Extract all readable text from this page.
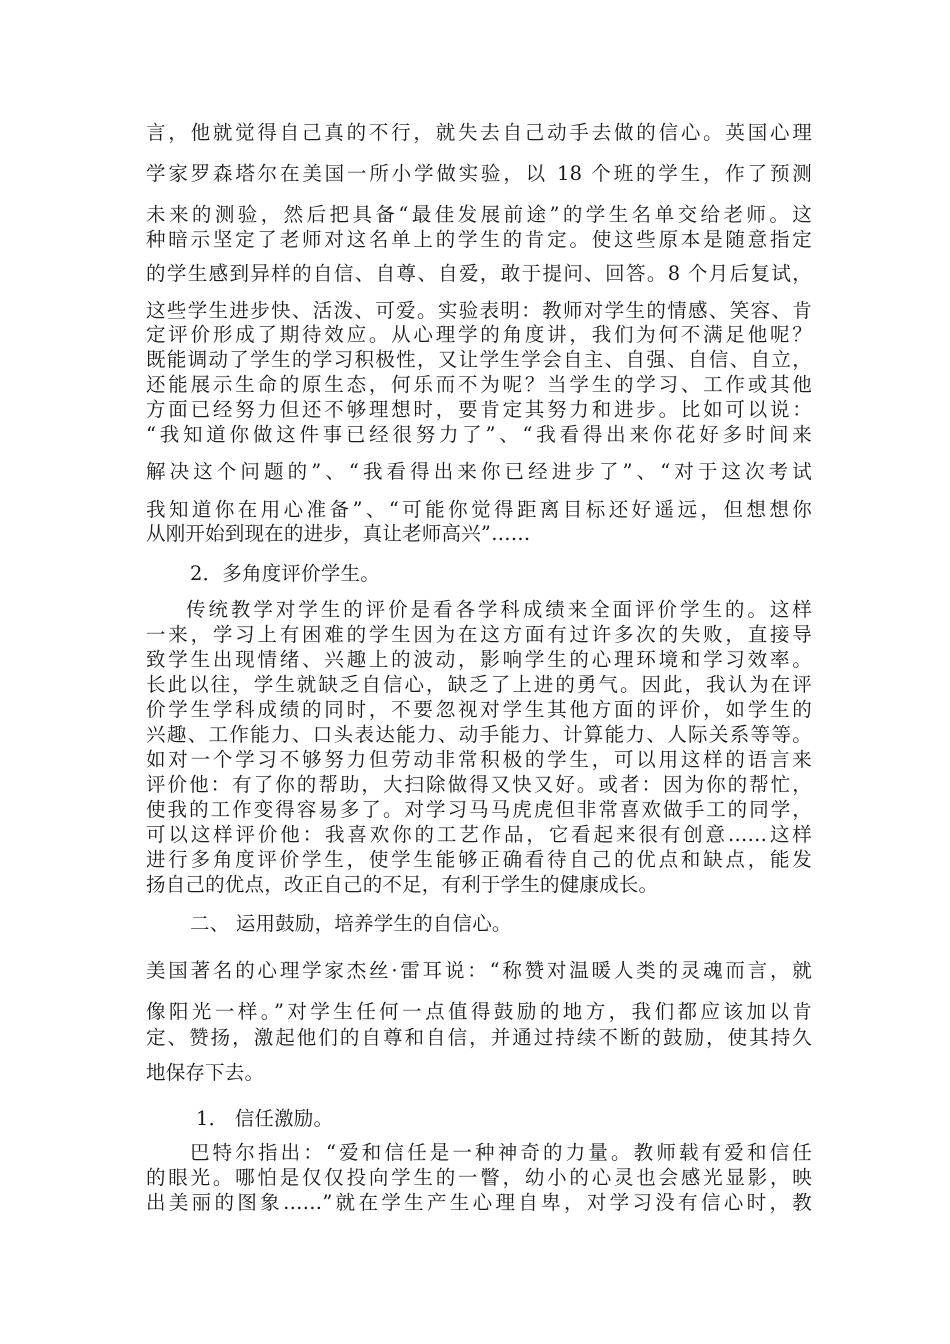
言，他就觉得自己真的不行，就失去自己动手去做的信心。英国心理
学家罗森塔尔在美国一所小学做实验，以 18 个班的学生，作了预测
未来的测验，然后把具备“最佳发展前途”的学生名单交给老师。这
种暗示坚定了老师对这名单上的学生的肯定。使这些原本是随意指定
的学生感到异样的自信、自尊、自爱，敢于提问、回答。8 个月后复试，
这些学生进步快、活泼、可爱。实验表明：教师对学生的情感、笑容、肯
定评价形成了期待效应。从心理学的角度讲，我们为何不满足他呢？
既能调动了学生的学习积极性，又让学生学会自主、自强、自信、自立，
还能展示生命的原生态，何乐而不为呢？当学生的学习、工作或其他
方面已经努力但还不够理想时，要肯定其努力和进步。比如可以说：
“我知道你做这件事已经很努力了”、“我看得出来你花好多时间来
解决这个问题的”、“我看得出来你已经进步了”、“对于这次考试
我知道你在用心准备”、“可能你觉得距离目标还好遥远，但想想你
从刚开始到现在的进步，真让老师高兴”……
2．多角度评价学生。
传统教学对学生的评价是看各学科成绩来全面评价学生的。这样
一来，学习上有困难的学生因为在这方面有过许多次的失败，直接导
致学生出现情绪、兴趣上的波动，影响学生的心理环境和学习效率。
长此以往，学生就缺乏自信心，缺乏了上进的勇气。因此，我认为在评
价学生学科成绩的同时，不要忽视对学生其他方面的评价，如学生的
兴趣、工作能力、口头表达能力、动手能力、计算能力、人际关系等等。
如对一个学习不够努力但劳动非常积极的学生，可以用这样的语言来
评价他：有了你的帮助，大扫除做得又快又好。或者：因为你的帮忙，
使我的工作变得容易多了。对学习马马虎虎但非常喜欢做手工的同学，
可以这样评价他：我喜欢你的工艺作品，它看起来很有创意……这样
进行多角度评价学生，使学生能够正确看待自己的优点和缺点，能发
扬自己的优点，改正自己的不足，有利于学生的健康成长。
二、 运用鼓励，培养学生的自信心。
美国著名的心理学家杰丝·雷耳说：“称赞对温暖人类的灵魂而言，就
像阳光一样。”对学生任何一点值得鼓励的地方，我们都应该加以肯
定、赞扬，激起他们的自尊和自信，并通过持续不断的鼓励，使其持久
地保存下去。
1． 信任激励。
巴特尔指出：“爱和信任是一种神奇的力量。教师载有爱和信任
的眼光。哪怕是仅仅投向学生的一瞥，幼小的心灵也会感光显影，映
出美丽的图象……”就在学生产生心理自卑，对学习没有信心时，教
